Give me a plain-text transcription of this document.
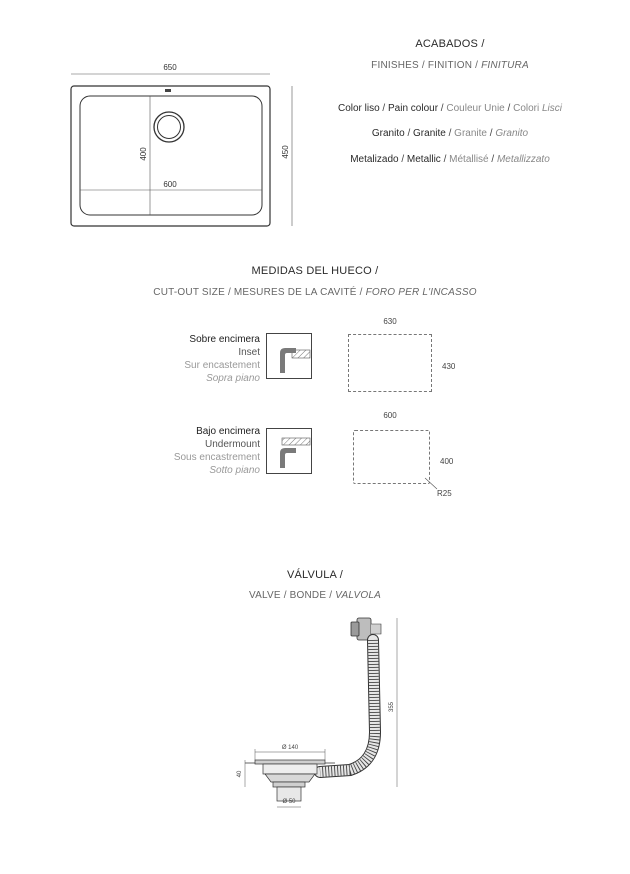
ACABADOS /
FINISHES / FINITION / FINITURA
Color liso / Pain colour / Couleur Unie / Colori Lisci
Granito / Granite / Granite / Granito
Metalizado / Metallic / Métallisé / Metallizzato
650
450
400
600
MEDIDAS DEL HUECO /
CUT-OUT SIZE / MESURES DE LA CAVITÉ / FORO PER L'INCASSO
Sobre encimera
Inset
Sur encastement
Sopra piano
630
430
Bajo encimera
Undermount
Sous encastrement
Sotto piano
600
400
R25
VÁLVULA /
VALVE / BONDE / VALVOLA
Ø 140
Ø 50
40
355
